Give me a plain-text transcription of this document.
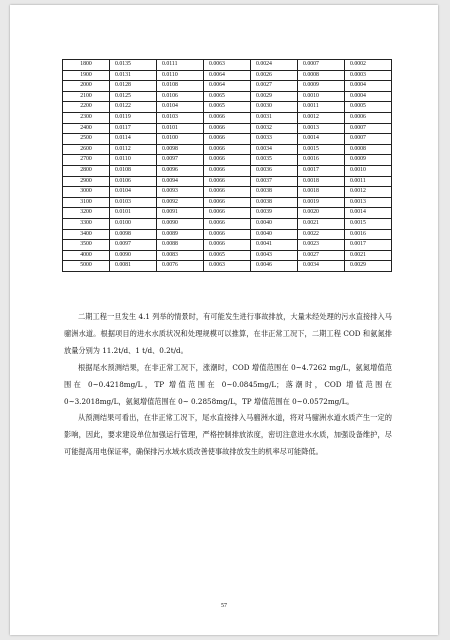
1800	0.0135	0.0111	0.0063	0.0024	0.0007	0.0002
1900	0.0131	0.0110	0.0064	0.0026	0.0008	0.0003
2000	0.0128	0.0108	0.0064	0.0027	0.0009	0.0004
2100	0.0125	0.0106	0.0065	0.0029	0.0010	0.0004
2200	0.0122	0.0104	0.0065	0.0030	0.0011	0.0005
2300	0.0119	0.0103	0.0066	0.0031	0.0012	0.0006
2400	0.0117	0.0101	0.0066	0.0032	0.0013	0.0007
2500	0.0114	0.0100	0.0066	0.0033	0.0014	0.0007
2600	0.0112	0.0098	0.0066	0.0034	0.0015	0.0008
2700	0.0110	0.0097	0.0066	0.0035	0.0016	0.0009
2800	0.0108	0.0096	0.0066	0.0036	0.0017	0.0010
2900	0.0106	0.0094	0.0066	0.0037	0.0018	0.0011
3000	0.0104	0.0093	0.0066	0.0038	0.0018	0.0012
3100	0.0103	0.0092	0.0066	0.0038	0.0019	0.0013
3200	0.0101	0.0091	0.0066	0.0039	0.0020	0.0014
3300	0.0100	0.0090	0.0066	0.0040	0.0021	0.0015
3400	0.0098	0.0089	0.0066	0.0040	0.0022	0.0016
3500	0.0097	0.0088	0.0066	0.0041	0.0023	0.0017
4000	0.0090	0.0083	0.0065	0.0043	0.0027	0.0021
5000	0.0081	0.0076	0.0063	0.0046	0.0034	0.0029

二期工程一旦发生 4.1 列举的情景时，有可能发生进行事故排放，大量未经处理的污水直接排入马骝洲水道。根据项目的进水水质状况和处理规模可以推算，在非正常工况下，二期工程 COD 和氨氮排放量分别为 11.2t/d、1 t/d、0.2t/d。

根据尾水预测结果，在非正常工况下，涨潮时，COD 增值范围在 0~4.7262 mg/L，氨氮增值范围在 0~0.4218mg/L，TP 增值范围在 0~0.0845mg/L；落潮时，COD 增值范围在 0~3.2018mg/L，氨氮增值范围在 0~ 0.2858mg/L，TP 增值范围在 0~0.0572mg/L。

从预测结果可看出，在非正常工况下，尾水直接排入马骝洲水道，将对马骝洲水道水质产生一定的影响，因此，要求建设单位加强运行管理，严格控制排放浓度，密切注意进水水质，加强设备维护，尽可能提高用电保证率，确保排污水域水质改善使事故排放发生的机率尽可能降低。

57
